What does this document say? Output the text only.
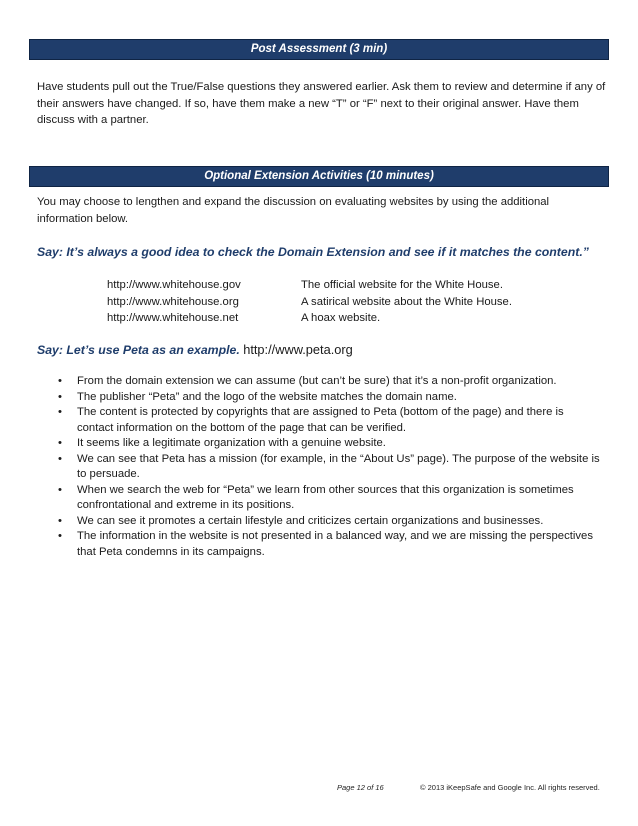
Post Assessment (3 min)

Have students pull out the True/False questions they answered earlier. Ask them to review and determine if any of their answers have changed. If so, have them make a new “T” or “F” next to their original answer. Have them discuss with a partner.

Optional Extension Activities (10 minutes)

You may choose to lengthen and expand the discussion on evaluating websites by using the additional information below.

Say: It’s always a good idea to check the Domain Extension and see if it matches the content.”

http://www.whitehouse.gov	The official website for the White House.
http://www.whitehouse.org	A satirical website about the White House.
http://www.whitehouse.net	A hoax website.

Say: Let’s use Peta as an example. http://www.peta.org

• From the domain extension we can assume (but can’t be sure) that it’s a non-profit organization.
• The publisher “Peta” and the logo of the website matches the domain name.
• The content is protected by copyrights that are assigned to Peta (bottom of the page) and there is contact information on the bottom of the page that can be verified.
• It seems like a legitimate organization with a genuine website.
• We can see that Peta has a mission (for example, in the “About Us” page). The purpose of the website is to persuade.
• When we search the web for “Peta” we learn from other sources that this organization is sometimes confrontational and extreme in its positions.
• We can see it promotes a certain lifestyle and criticizes certain organizations and businesses.
• The information in the website is not presented in a balanced way, and we are missing the perspectives that Peta condemns in its campaigns.
Page 12 of 16	© 2013 iKeepSafe and Google Inc. All rights reserved.
